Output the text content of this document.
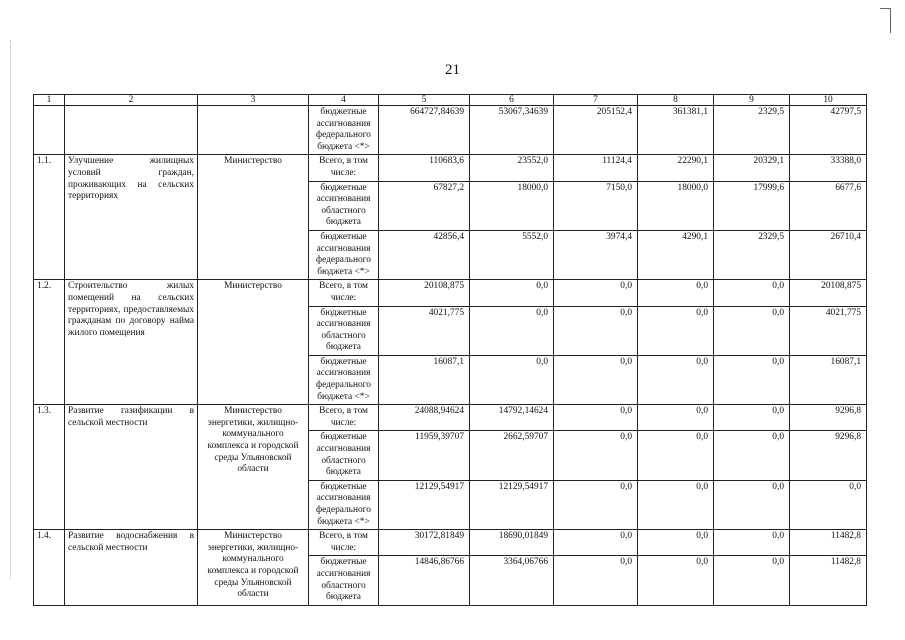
21
1	2	3	4	5	6	7	8	9	10
			бюджетные ассигнования федерального бюджета <*>	664727,84639	53067,34639	205152,4	361381,1	2329,5	42797,5
1.1.	Улучшение жилищных условий граждан, проживающих на сельских территориях	Министерство	Всего, в том числе:	110683,6	23552,0	11124,4	22290,1	20329,1	33388,0
			бюджетные ассигнования областного бюджета	67827,2	18000,0	7150,0	18000,0	17999,6	6677,6
			бюджетные ассигнования федерального бюджета <*>	42856,4	5552,0	3974,4	4290,1	2329,5	26710,4
1.2.	Строительство жилых помещений на сельских территориях, предоставляемых гражданам по договору найма жилого помещения	Министерство	Всего, в том числе:	20108,875	0,0	0,0	0,0	0,0	20108,875
			бюджетные ассигнования областного бюджета	4021,775	0,0	0,0	0,0	0,0	4021,775
			бюджетные ассигнования федерального бюджета <*>	16087,1	0,0	0,0	0,0	0,0	16087,1
1.3.	Развитие газификации в сельской местности	Министерство энергетики, жилищно-коммунального комплекса и городской среды Ульяновской области	Всего, в том числе:	24088,94624	14792,14624	0,0	0,0	0,0	9296,8
			бюджетные ассигнования областного бюджета	11959,39707	2662,59707	0,0	0,0	0,0	9296,8
			бюджетные ассигнования федерального бюджета <*>	12129,54917	12129,54917	0,0	0,0	0,0	0,0
1.4.	Развитие водоснабжения в сельской местности	Министерство энергетики, жилищно-коммунального комплекса и городской среды Ульяновской области	Всего, в том числе:	30172,81849	18690,01849	0,0	0,0	0,0	11482,8
			бюджетные ассигнования областного бюджета	14846,86766	3364,06766	0,0	0,0	0,0	11482,8
